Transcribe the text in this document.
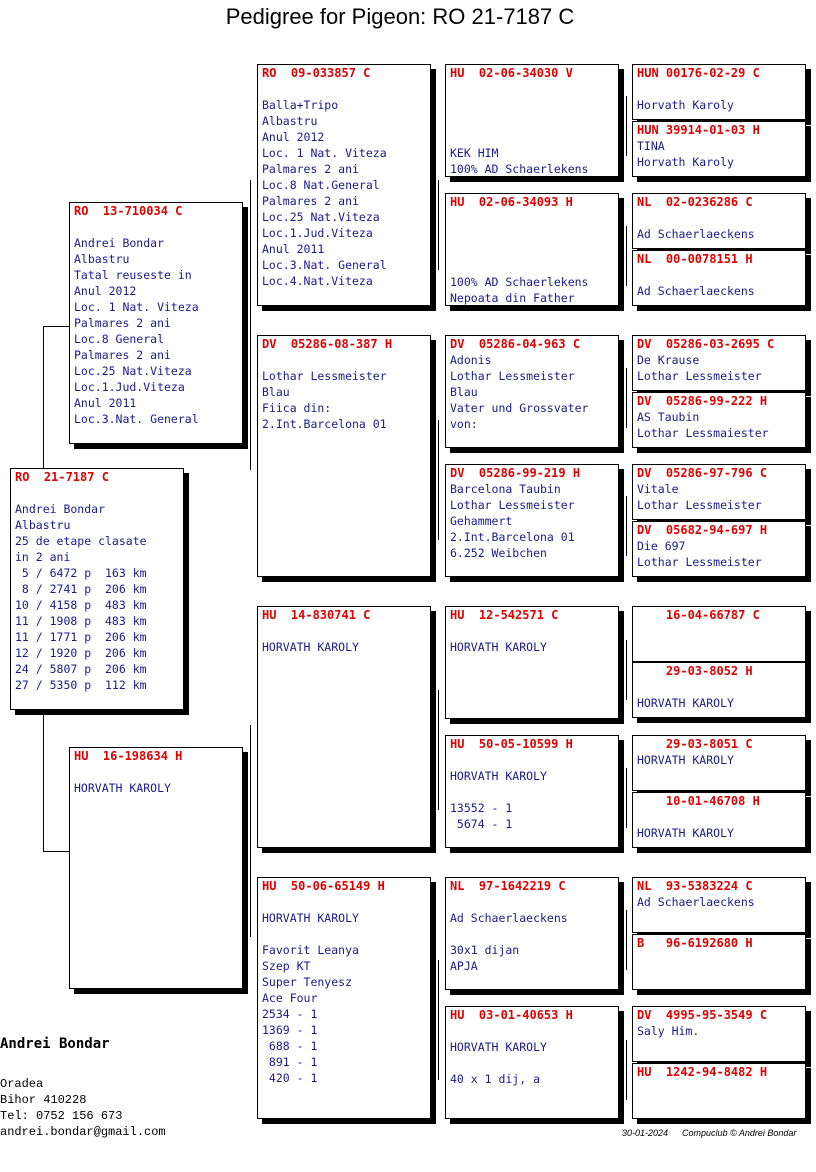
Pedigree for Pigeon: RO 21-7187 C
RO  21-7187 C
Andrei Bondar
Albastru
25 de etape clasate
in 2 ani
5 / 6472 p  163 km
8 / 2741 p  206 km
10 / 4158 p  483 km
11 / 1908 p  483 km
11 / 1771 p  206 km
12 / 1920 p  206 km
24 / 5807 p  206 km
27 / 5350 p  112 km
RO  13-710034 C
Andrei Bondar
Albastru
Tatal reuseste in
Anul 2012
Loc. 1 Nat. Viteza
Palmares 2 ani
Loc.8 General
Palmares 2 ani
Loc.25 Nat.Viteza
Loc.1.Jud.Viteza
Anul 2011
Loc.3.Nat. General
HU  16-198634 H
HORVATH KAROLY
RO  09-033857 C
Balla+Tripo
Albastru
Anul 2012
Loc. 1 Nat. Viteza
Palmares 2 ani
Loc.8 Nat.General
Palmares 2 ani
Loc.25 Nat.Viteza
Loc.1.Jud.Viteza
Anul 2011
Loc.3.Nat. General
Loc.4.Nat.Viteza
DV  05286-08-387 H
Lothar Lessmeister
Blau
Fiica din:
2.Int.Barcelona 01
HU  14-830741 C
HORVATH KAROLY
HU  50-06-65149 H
HORVATH KAROLY
Favorit Leanya
Szep KT
Super Tenyesz
Ace Four
2534 - 1
1369 - 1
688 - 1
891 - 1
420 - 1
HU  02-06-34030 V
KEK HIM
100% AD Schaerlekens
HU  02-06-34093 H
100% AD Schaerlekens
Nepoata din Father
DV  05286-04-963 C
Adonis
Lothar Lessmeister
Blau
Vater und Grossvater
von:
DV  05286-99-219 H
Barcelona Taubin
Lothar Lessmeister
Gehammert
2.Int.Barcelona 01
6.252 Weibchen
HU  12-542571 C
HORVATH KAROLY
HU  50-05-10599 H
HORVATH KAROLY
13552 - 1
5674 - 1
NL  97-1642219 C
Ad Schaerlaeckens
30x1 dijan
APJA
HU  03-01-40653 H
HORVATH KAROLY
40 x 1 dij, a
HUN 00176-02-29 C
Horvath Karoly
HUN 39914-01-03 H
TINA
Horvath Karoly
NL  02-0236286 C
Ad Schaerlaeckens
NL  00-0078151 H
Ad Schaerlaeckens
DV  05286-03-2695 C
De Krause
Lothar Lessmeister
DV  05286-99-222 H
AS Taubin
Lothar Lessmaiester
DV  05286-97-796 C
Vitale
Lothar Lessmeister
DV  05682-94-697 H
Die 697
Lothar Lessmeister
16-04-66787 C
29-03-8052 H
HORVATH KAROLY
29-03-8051 C
HORVATH KAROLY
10-01-46708 H
HORVATH KAROLY
NL  93-5383224 C
Ad Schaerlaeckens
B   96-6192680 H
DV  4995-95-3549 C
Saly Him.
HU  1242-94-8482 H
Andrei Bondar
Oradea
Bihor 410228
Tel: 0752 156 673
andrei.bondar@gmail.com	30-01-2024 Compuclub © Andrei Bondar
